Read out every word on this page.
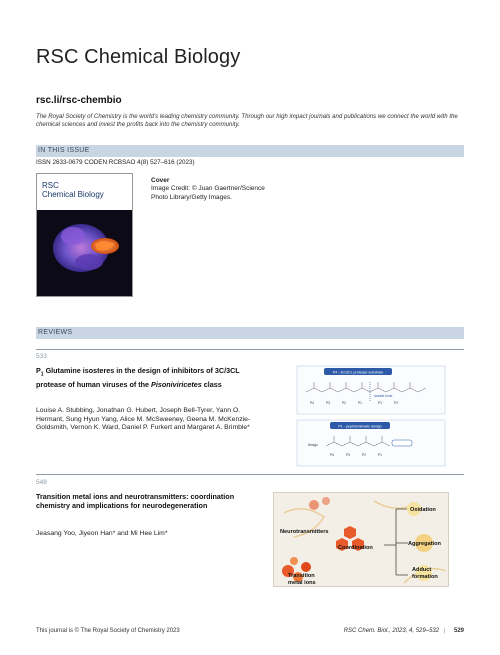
RSC Chemical Biology
rsc.li/rsc-chembio
The Royal Society of Chemistry is the world’s leading chemistry community. Through our high impact journals and publications we connect the world with the chemical sciences and invest the profits back into the chemistry community.
IN THIS ISSUE
ISSN 2633-0679 CODEN RCBSAO 4(8) 527–616 (2023)
RSC
Chemical Biology
Cover
Image Credit: © Juan Gaertner/Science Photo Library/Getty Images.
REVIEWS
533
$P_1$ Glutamine isosteres in the design of inhibitors of 3C/3CL protease of human viruses of the Pisoniviricetes class
Louise A. Stubbing, Jonathan G. Hubert, Joseph Bell-Tyrer, Yann O. Hermant, Sung Hyun Yang, Alice M. McSweeney, Geena M. McKenzie-Goldsmith, Vernon K. Ward, Daniel P. Furkert and Margaret A. Brimble*
P4 - 3C/3CL protease substrate
scissile bond
P4	P3	P2	P1	P1'	P2'
P1 - peptidomimetic design
Design
P4	P3	P2	P1
548
Transition metal ions and neurotransmitters: coordination chemistry and implications for neurodegeneration
Jeasang Yoo, Jiyeon Han* and Mi Hee Lim*	Neurotransmitters
Transition
metal ions
Coordination
Oxidation
Aggregation
Adduct
formation
This journal is © The Royal Society of Chemistry 2023	RSC Chem. Biol., 2023, 4, 529–532 | 529
